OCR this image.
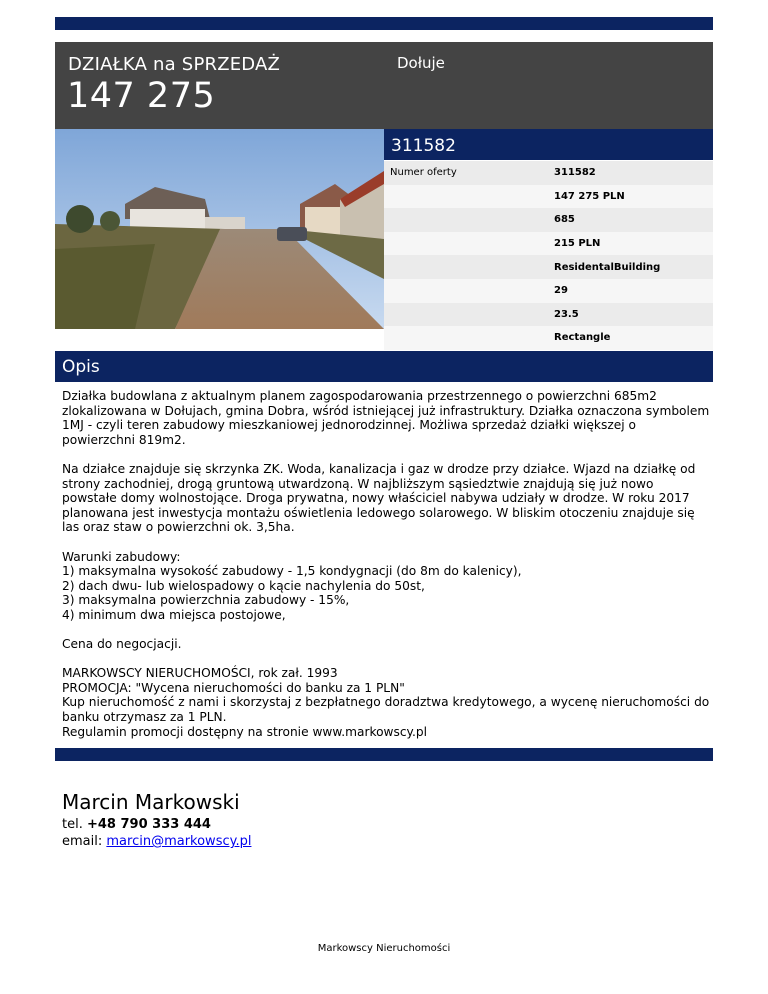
DZIAŁKA na SPRZEDAŻ
147 275
Dołuje
311582
Numer oferty	311582
147 275 PLN
685
215 PLN
ResidentalBuilding
29
23.5
Rectangle
Opis

Działka budowlana z aktualnym planem zagospodarowania przestrzennego o powierzchni 685m2 zlokalizowana w Dołujach, gmina Dobra, wśród istniejącej już infrastruktury. Działka oznaczona symbolem 1MJ - czyli teren zabudowy mieszkaniowej jednorodzinnej. Możliwa sprzedaż działki większej o powierzchni 819m2.

Na działce znajduje się skrzynka ZK. Woda, kanalizacja i gaz w drodze przy działce. Wjazd na działkę od strony zachodniej, drogą gruntową utwardzoną. W najbliższym sąsiedztwie znajdują się już nowo powstałe domy wolnostojące. Droga prywatna, nowy właściciel nabywa udziały w drodze. W roku 2017 planowana jest inwestycja montażu oświetlenia ledowego solarowego. W bliskim otoczeniu znajduje się las oraz staw o powierzchni ok. 3,5ha.

Warunki zabudowy:
1) maksymalna wysokość zabudowy - 1,5 kondygnacji (do 8m do kalenicy),
2) dach dwu- lub wielospadowy o kącie nachylenia do 50st,
3) maksymalna powierzchnia zabudowy - 15%,
4) minimum dwa miejsca postojowe,

Cena do negocjacji.

MARKOWSCY NIERUCHOMOŚCI, rok zał. 1993
PROMOCJA: "Wycena nieruchomości do banku za 1 PLN"
Kup nieruchomość z nami i skorzystaj z bezpłatnego doradztwa kredytowego, a wycenę nieruchomości do banku otrzymasz za 1 PLN.
Regulamin promocji dostępny na stronie www.markowscy.pl

Marcin Markowski
tel. +48 790 333 444
email: marcin@markowscy.pl
Markowscy Nieruchomości
